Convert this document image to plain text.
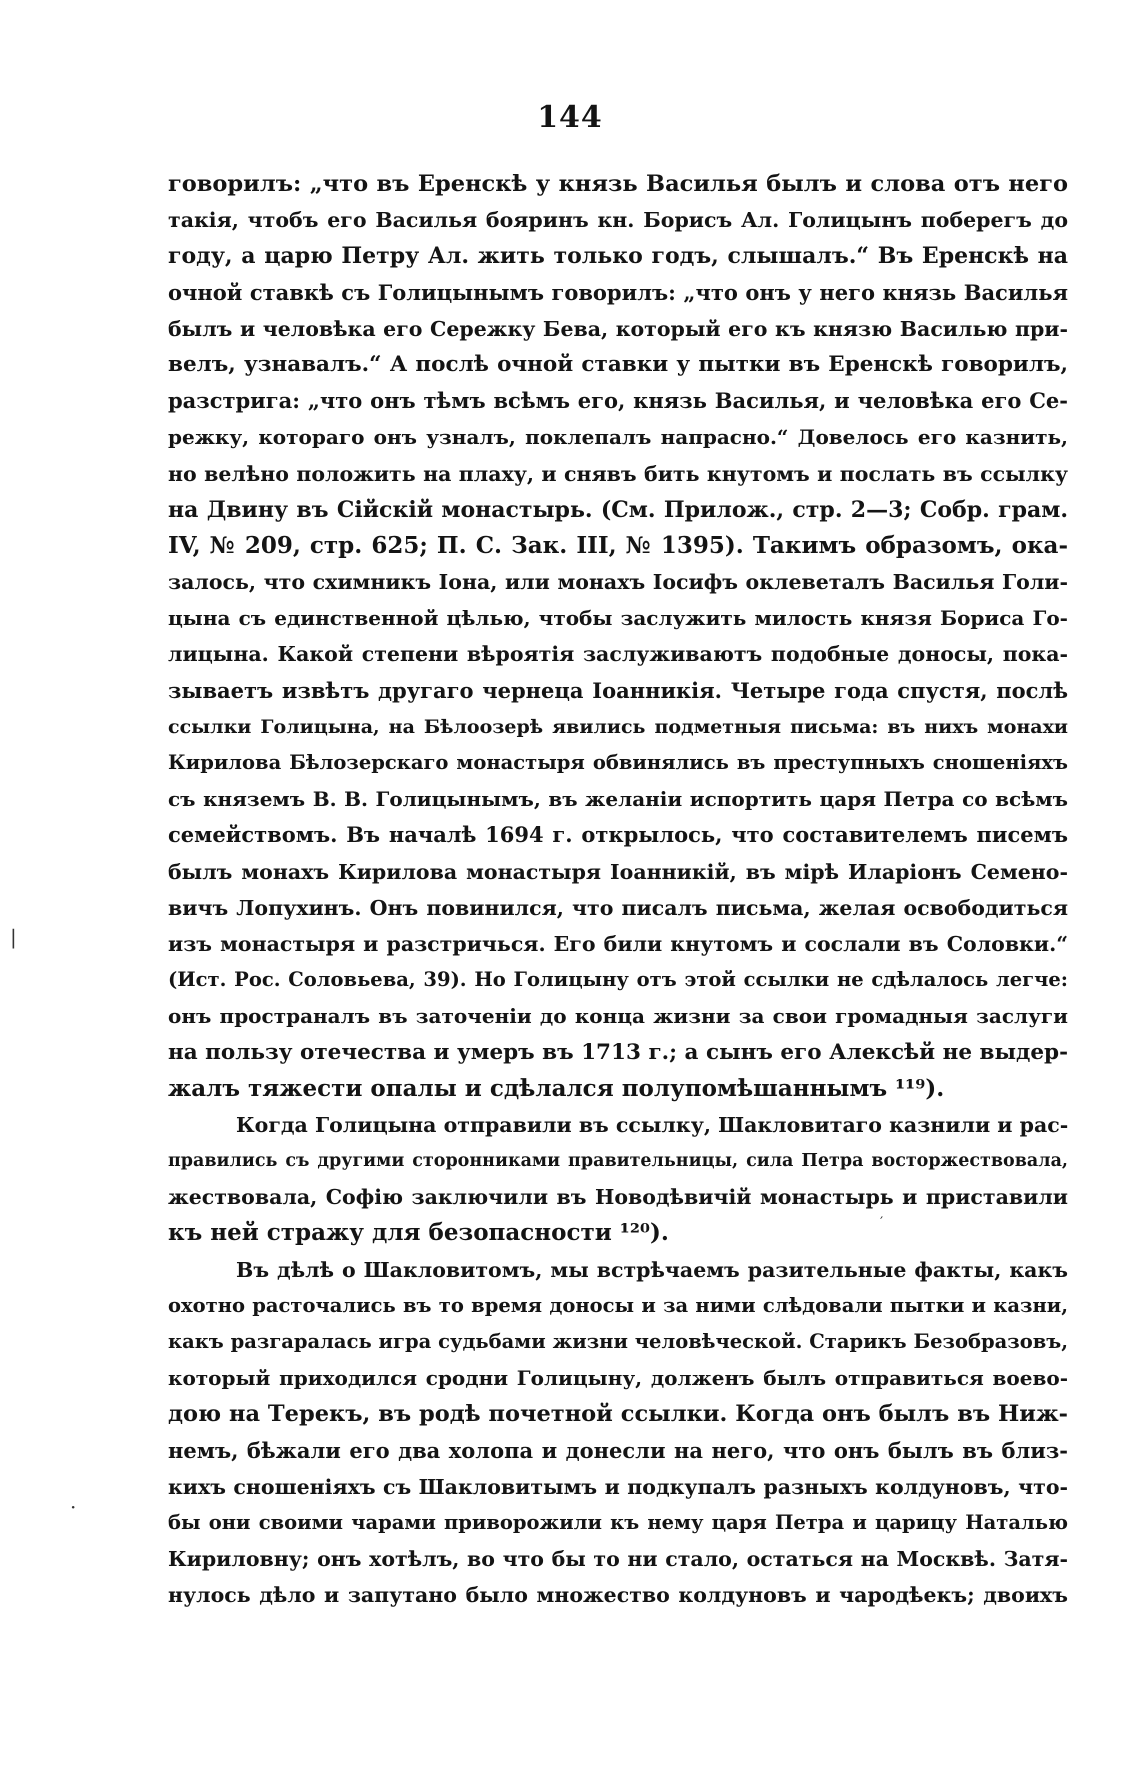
144
говорилъ: „что въ Еренскѣ у князь Василья былъ и слова отъ него
такія, чтобъ его Василья бояринъ кн. Борисъ Ал. Голицынъ поберегъ до
году, а царю Петру Ал. жить только годъ, слышалъ.“ Въ Еренскѣ на
очной ставкѣ съ Голицынымъ говорилъ: „что онъ у него князь Василья
былъ и человѣка его Сережку Бева, который его къ князю Василью при-
велъ, узнавалъ.“ А послѣ очной ставки у пытки въ Еренскѣ говорилъ,
разстрига: „что онъ тѣмъ всѣмъ его, князь Василья, и человѣка его Се-
режку, котораго онъ узналъ, поклепалъ напрасно.“ Довелось его казнить,
но велѣно положить на плаху, и снявъ бить кнутомъ и послать въ ссылку
на Двину въ Сійскій монастырь. (См. Прилож., стр. 2—3; Собр. грам.
IV, № 209, стр. 625; П. С. Зак. III, № 1395). Такимъ образомъ, ока-
залось, что схимникъ Іона, или монахъ Іосифъ оклеветалъ Василья Голи-
цына съ единственной цѣлью, чтобы заслужить милость князя Бориса Го-
лицына. Какой степени вѣроятія заслуживаютъ подобные доносы, пока-
зываетъ извѣтъ другаго чернеца Іоанникія. Четыре года спустя, послѣ
ссылки Голицына, на Бѣлоозерѣ явились подметныя письма: въ нихъ монахи
Кирилова Бѣлозерскаго монастыря обвинялись въ преступныхъ сношеніяхъ
съ княземъ В. В. Голицынымъ, въ желаніи испортить царя Петра со всѣмъ
семействомъ. Въ началѣ 1694 г. открылось, что составителемъ писемъ
былъ монахъ Кирилова монастыря Іоанникій, въ мірѣ Иларіонъ Семено-
вичъ Лопухинъ. Онъ повинился, что писалъ письма, желая освободиться
изъ монастыря и разстричься. Его били кнутомъ и сослали въ Соловки.“
(Ист. Рос. Соловьева, 39). Но Голицыну отъ этой ссылки не сдѣлалось легче:
онъ пространалъ въ заточеніи до конца жизни за свои громадныя заслуги
на пользу отечества и умеръ въ 1713 г.; а сынъ его Алексѣй не выдер-
жалъ тяжести опалы и сдѣлался полупомѣшаннымъ ¹¹⁹).
Когда Голицына отправили въ ссылку, Шакловитаго казнили и рас-
правились съ другими сторонниками правительницы, сила Петра восторжествовала,
жествовала, Софію заключили въ Новодѣвичій монастырь и приставили
къ ней стражу для безопасности ¹²⁰).
Въ дѣлѣ о Шакловитомъ, мы встрѣчаемъ разительные факты, какъ
охотно расточались въ то время доносы и за ними слѣдовали пытки и казни,
какъ разгаралась игра судьбами жизни человѣческой. Старикъ Безобразовъ,
который приходился сродни Голицыну, долженъ былъ отправиться воево-
дою на Терекъ, въ родѣ почетной ссылки. Когда онъ былъ въ Ниж-
немъ, бѣжали его два холопа и донесли на него, что онъ былъ въ близ-
кихъ сношеніяхъ съ Шакловитымъ и подкупалъ разныхъ колдуновъ, что-
бы они своими чарами приворожили къ нему царя Петра и царицу Наталью
Кириловну; онъ хотѣлъ, во что бы то ни стало, остаться на Москвѣ. Затя-
нулось дѣло и запутано было множество колдуновъ и чародѣекъ; двоихъ
|
·
′
